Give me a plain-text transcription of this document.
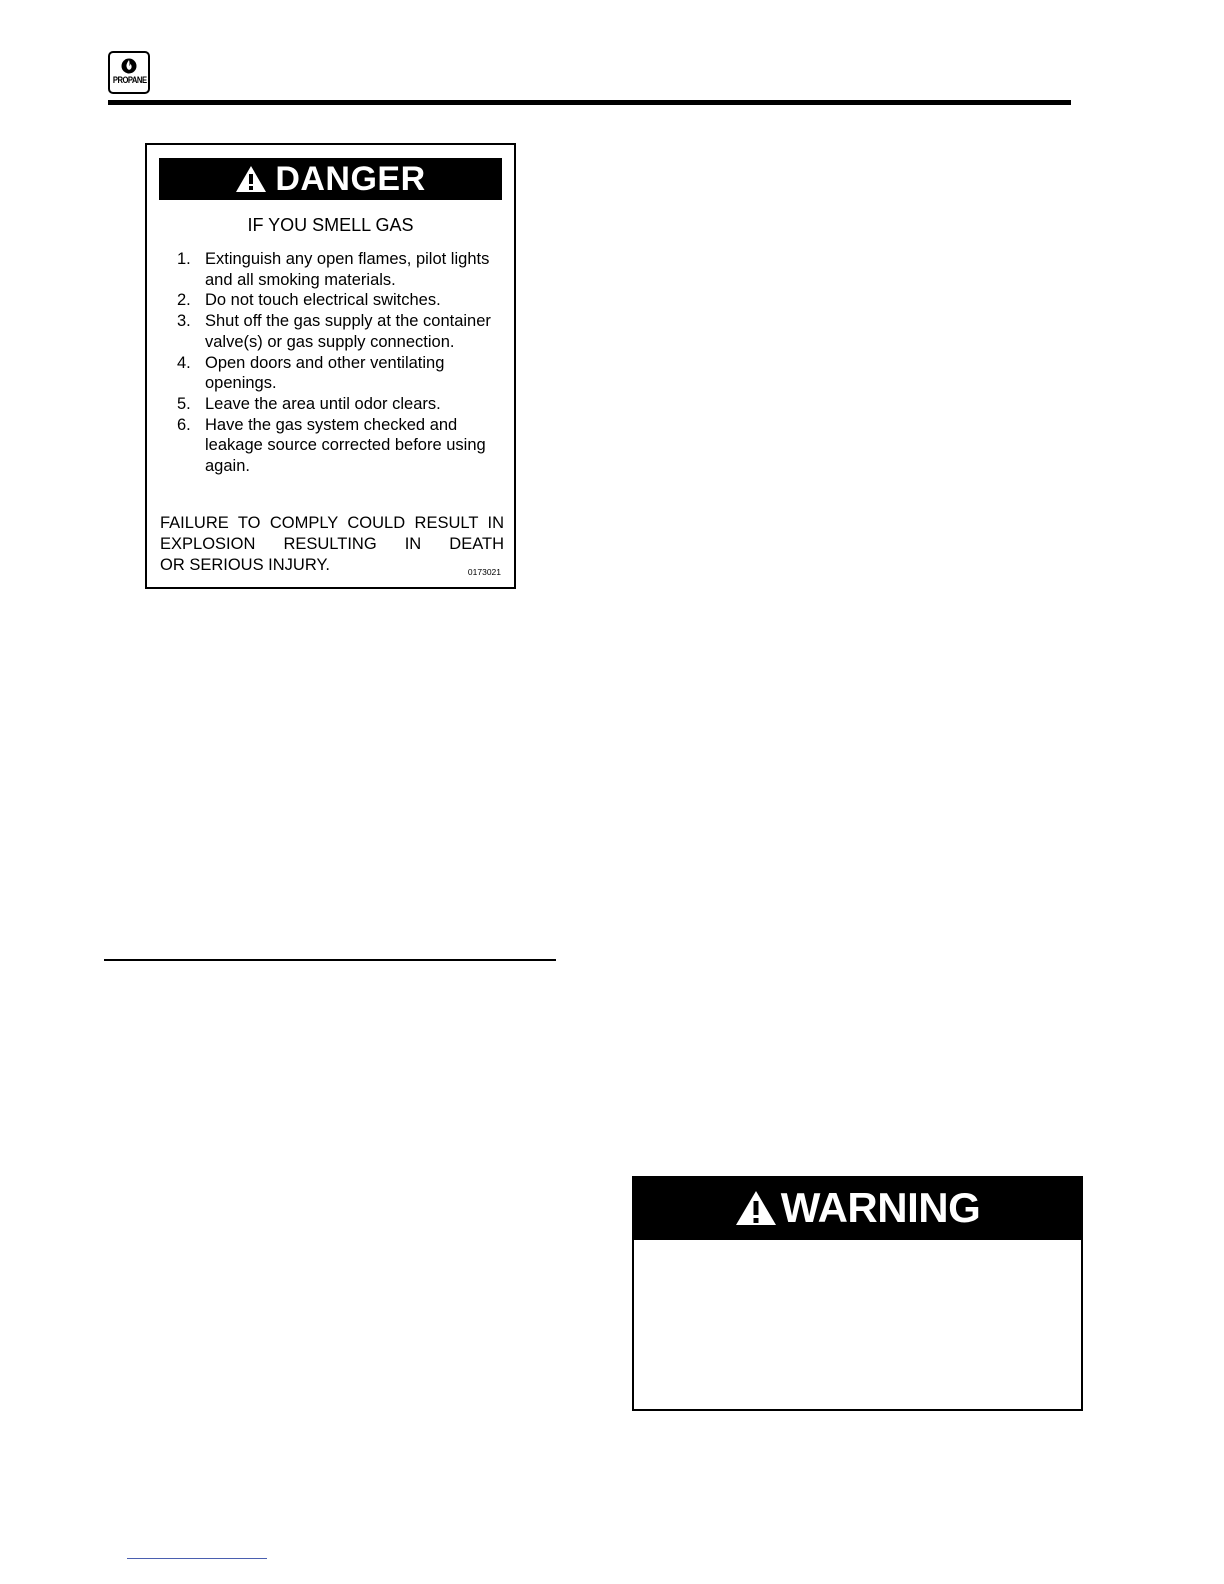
PROPANE
DANGER
IF YOU SMELL GAS
1. Extinguish any open flames, pilot lights and all smoking materials.
2. Do not touch electrical switches.
3. Shut off the gas supply at the container valve(s) or gas supply connection.
4. Open doors and other ventilating openings.
5. Leave the area until odor clears.
6. Have the gas system checked and leakage source corrected before using again.
FAILURE TO COMPLY COULD RESULT IN EXPLOSION RESULTING IN DEATH
OR SERIOUS INJURY.	0173021
WARNING
